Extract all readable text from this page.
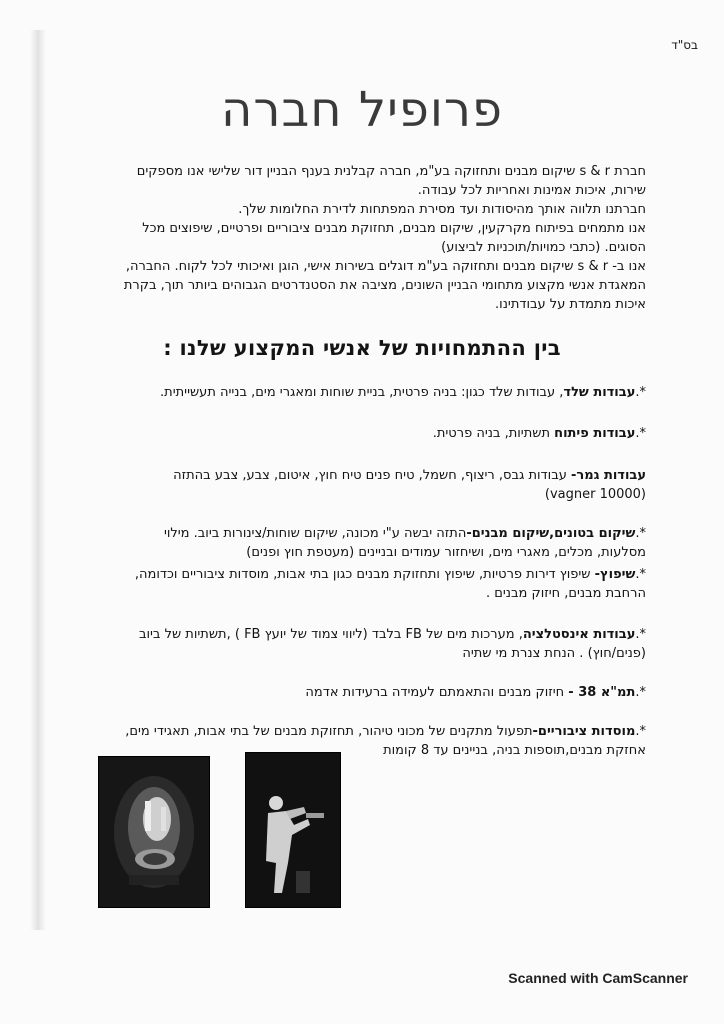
בס"ד
פרופיל חברה

חברת s & r שיקום מבנים ותחזוקה בע"מ, חברה קבלנית בענף הבניין דור שלישי אנו מספקים

שירות, איכות אמינות ואחריות לכל עבודה.

חברתנו תלווה אותך מהיסודות ועד מסירת המפתחות לדירת החלומות שלך.

אנו מתמחים בפיתוח מקרקעין, שיקום מבנים, תחזוקת מבנים ציבוריים ופרטיים, שיפוצים מכל

הסוגים. (כתבי כמויות/תוכניות לביצוע)

אנו ב- s & r שיקום מבנים ותחזוקה בע"מ דוגלים בשירות אישי, הוגן ואיכותי לכל לקוח. החברה,

המאגדת אנשי מקצוע מתחומי הבניין השונים, מציבה את הסטנדרטים הגבוהים ביותר תוך, בקרת

איכות מתמדת על עבודתינו.

בין ההתמחויות של אנשי המקצוע שלנו :

*.עבודות שלד, עבודות שלד כגון: בניה פרטית, בניית שוחות ומאגרי מים, בנייה תעשייתית.

*.עבודות פיתוח תשתיות, בניה פרטית.

עבודות גמר- עבודות גבס, ריצוף, חשמל, טיח פנים טיח חוץ, איטום, צבע, צבע בהתזה

(vagner 10000)

*.שיקום בטונים,שיקום מבנים-התזה יבשה ע"י מכונה, שיקום שוחות/צינורות ביוב. מילוי

מסלעות, מכלים, מאגרי מים, ושיחזור עמודים ובניינים (מעטפת חוץ ופנים)

*.שיפוץ- שיפוץ דירות פרטיות, שיפוץ ותחזוקת מבנים כגון בתי אבות, מוסדות ציבוריים וכדומה,

הרחבת מבנים, חיזוק מבנים .

*.עבודות אינסטלציה, מערכות מים של FB בלבד (ליווי צמוד של יועץ FB ) ,תשתיות של ביוב

(פנים/חוץ) . הנחת צנרת מי שתיה

*.תמ"א 38 - חיזוק מבנים והתאמתם לעמידה ברעידות אדמה

*.מוסדות ציבוריים-תפעול מתקנים של מכוני טיהור, תחזוקת מבנים של בתי אבות, תאגידי מים,

אחזקת מבנים,תוספות בניה, בניינים עד 8 קומות

Scanned with CamScanner
